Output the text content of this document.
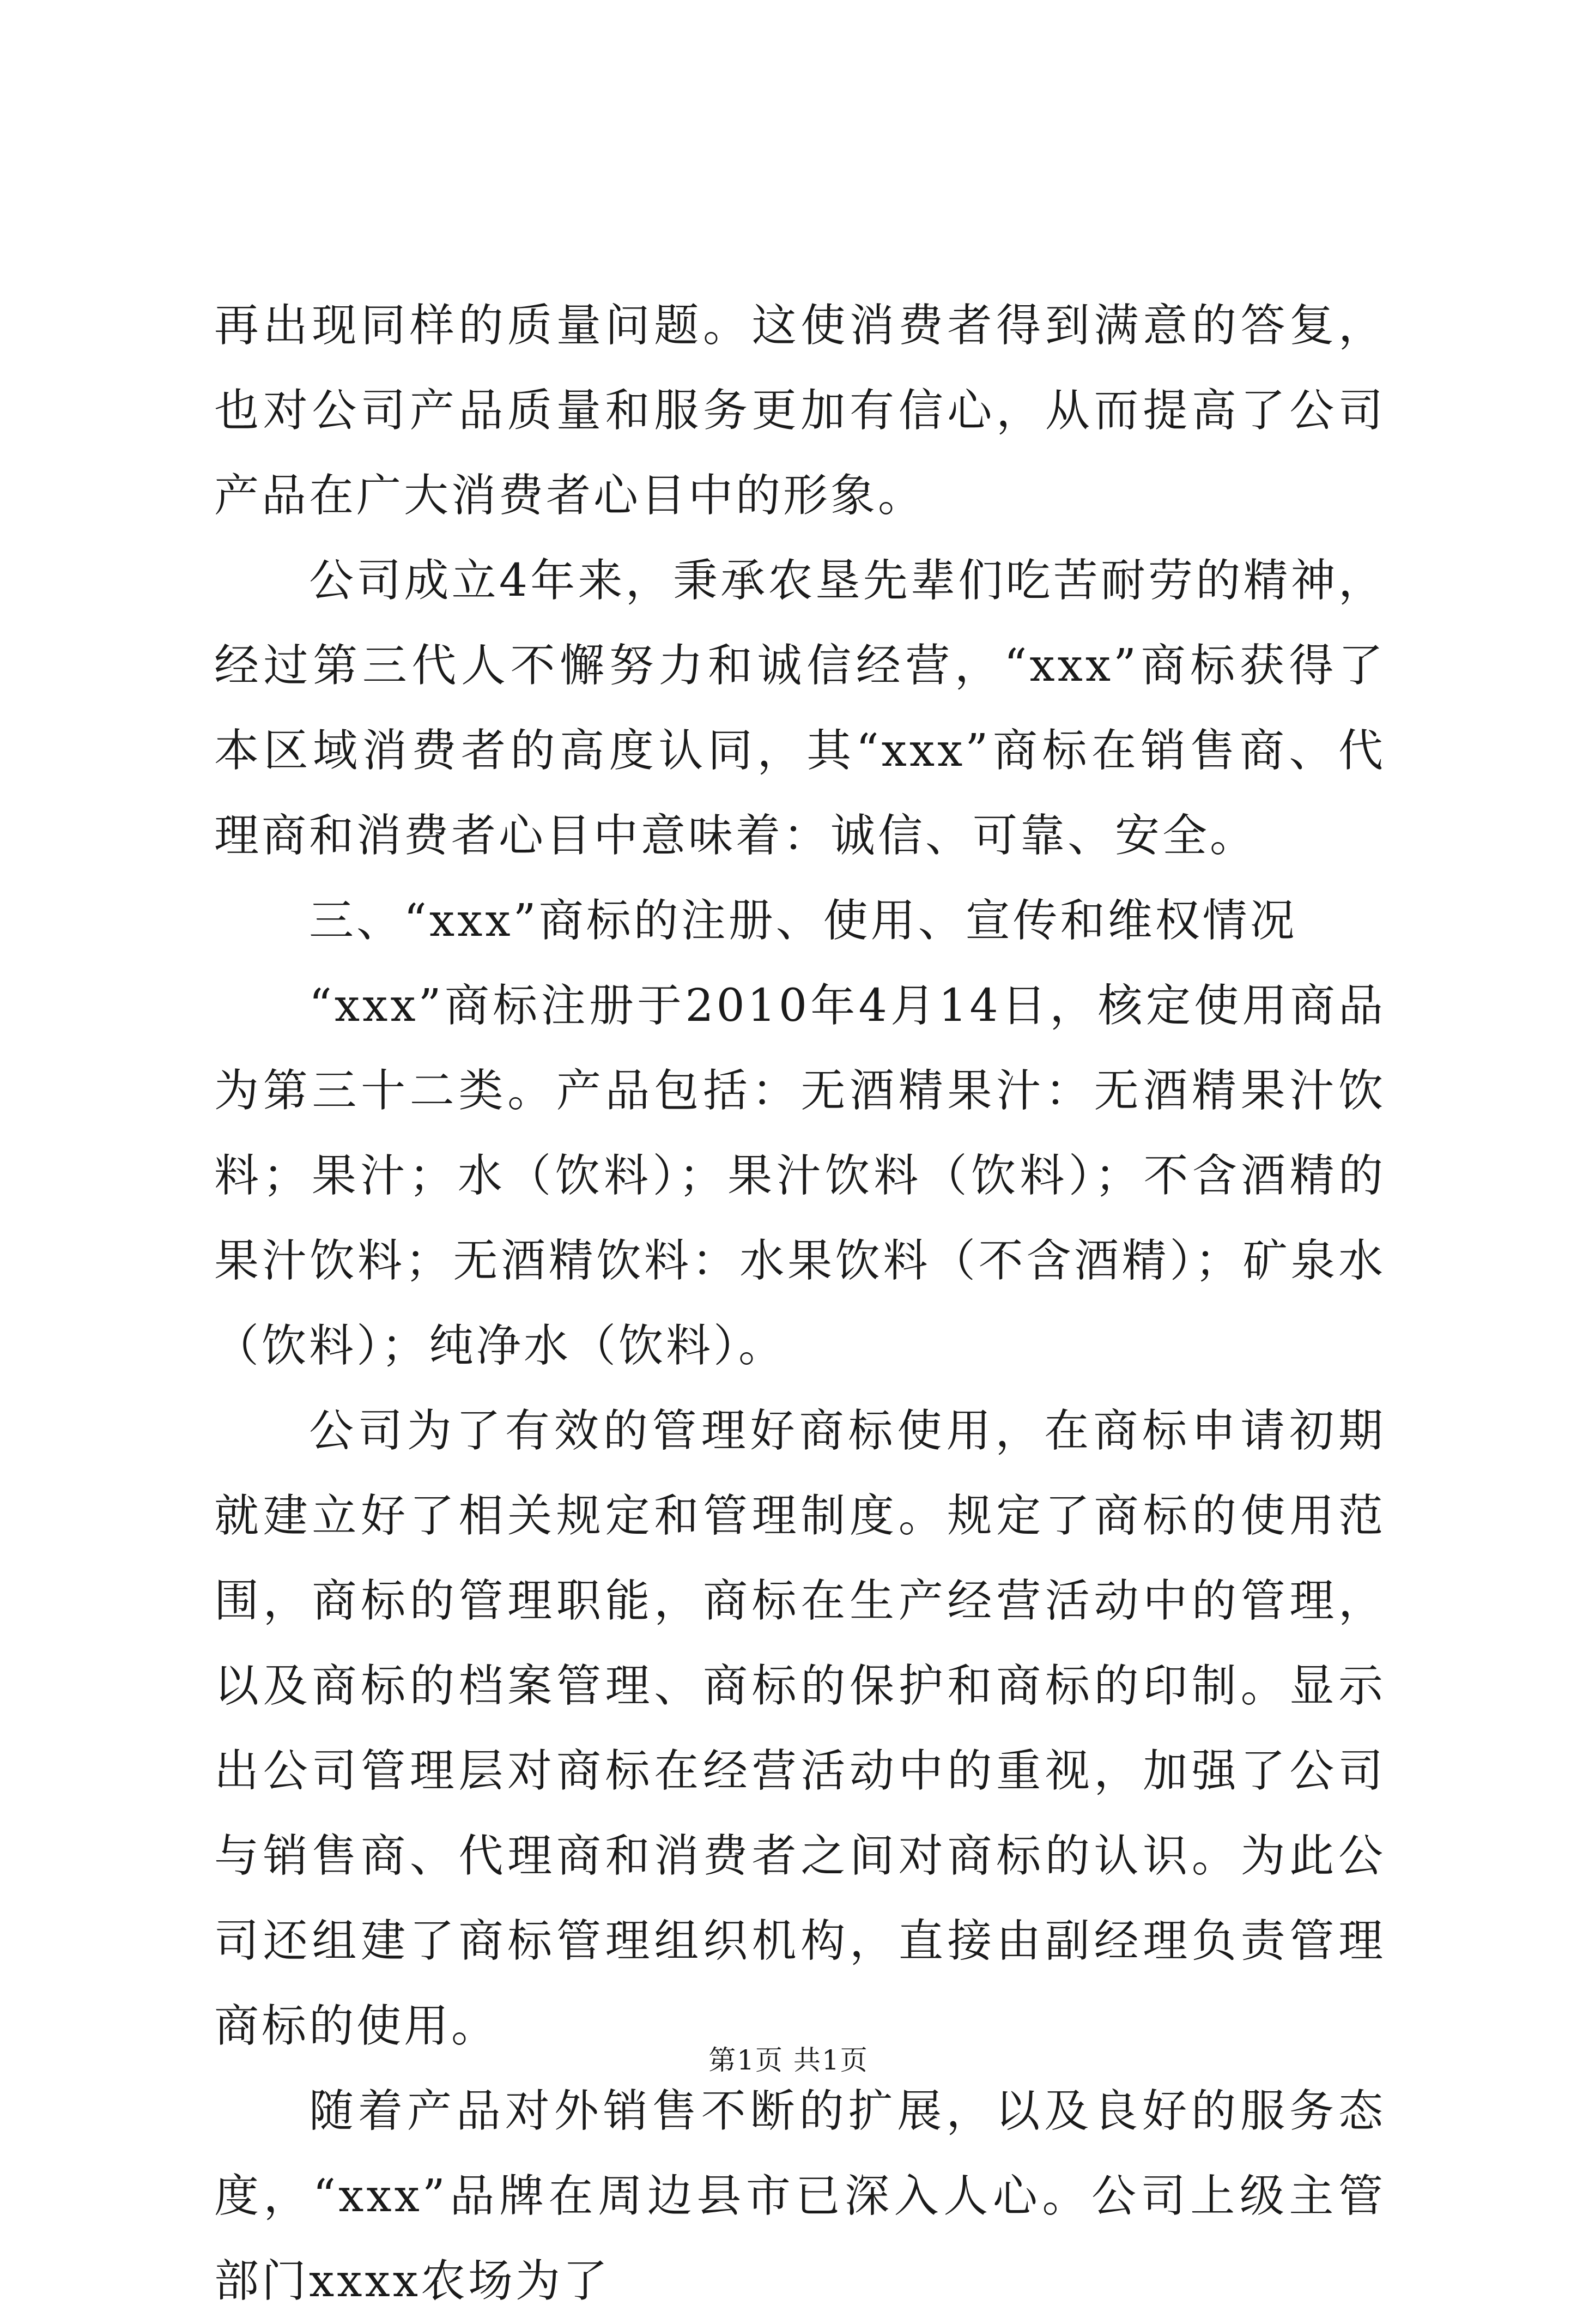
再出现同样的质量问题。这使消费者得到满意的答复，也对公司产品质量和服务更加有信心，从而提高了公司产品在广大消费者心目中的形象。

公司成立4年来，秉承农垦先辈们吃苦耐劳的精神，经过第三代人不懈努力和诚信经营，“xxx”商标获得了本区域消费者的高度认同，其“xxx”商标在销售商、代理商和消费者心目中意味着：诚信、可靠、安全。

三、“xxx”商标的注册、使用、宣传和维权情况

“xxx”商标注册于2010年4月14日，核定使用商品为第三十二类。产品包括：无酒精果汁：无酒精果汁饮料；果汁；水（饮料）；果汁饮料（饮料）；不含酒精的果汁饮料；无酒精饮料：水果饮料（不含酒精）；矿泉水（饮料）；纯净水（饮料）。

公司为了有效的管理好商标使用，在商标申请初期就建立好了相关规定和管理制度。规定了商标的使用范围，商标的管理职能，商标在生产经营活动中的管理，以及商标的档案管理、商标的保护和商标的印制。显示出公司管理层对商标在经营活动中的重视，加强了公司与销售商、代理商和消费者之间对商标的认识。为此公司还组建了商标管理组织机构，直接由副经理负责管理商标的使用。

随着产品对外销售不断的扩展，以及良好的服务态度，“xxx”品牌在周边县市已深入人心。公司上级主管部门xxxx农场为了

第1页 共1页
